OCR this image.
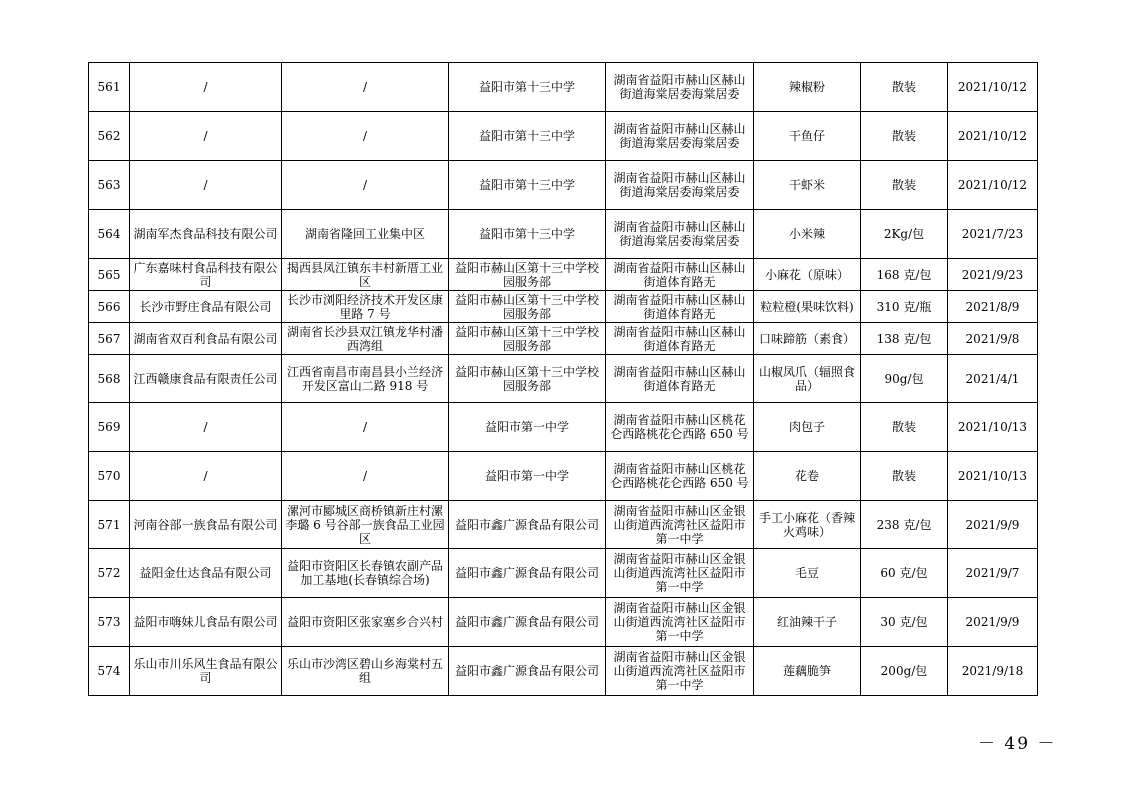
561	/	/	益阳市第十三中学	湖南省益阳市赫山区赫山街道海棠居委海棠居委	辣椒粉	散装	2021/10/12
562	/	/	益阳市第十三中学	湖南省益阳市赫山区赫山街道海棠居委海棠居委	干鱼仔	散装	2021/10/12
563	/	/	益阳市第十三中学	湖南省益阳市赫山区赫山街道海棠居委海棠居委	干虾米	散装	2021/10/12
564	湖南军杰食品科技有限公司	湖南省隆回工业集中区	益阳市第十三中学	湖南省益阳市赫山区赫山街道海棠居委海棠居委	小米辣	2Kg/包	2021/7/23
565	广东嘉味村食品科技有限公司	揭西县凤江镇东丰村新厝工业区	益阳市赫山区第十三中学校园服务部	湖南省益阳市赫山区赫山街道体育路无	小麻花（原味）	168 克/包	2021/9/23
566	长沙市野庄食品有限公司	长沙市浏阳经济技术开发区康里路 7 号	益阳市赫山区第十三中学校园服务部	湖南省益阳市赫山区赫山街道体育路无	粒粒橙(果味饮料)	310 克/瓶	2021/8/9
567	湖南省双百利食品有限公司	湖南省长沙县双江镇龙华村潘西湾组	益阳市赫山区第十三中学校园服务部	湖南省益阳市赫山区赫山街道体育路无	口味蹄筋（素食）	138 克/包	2021/9/8
568	江西赣康食品有限责任公司	江西省南昌市南昌县小兰经济开发区富山二路 918 号	益阳市赫山区第十三中学校园服务部	湖南省益阳市赫山区赫山街道体育路无	山椒凤爪（辐照食品）	90g/包	2021/4/1
569	/	/	益阳市第一中学	湖南省益阳市赫山区桃花仑西路桃花仑西路 650 号	肉包子	散装	2021/10/13
570	/	/	益阳市第一中学	湖南省益阳市赫山区桃花仑西路桃花仑西路 650 号	花卷	散装	2021/10/13
571	河南谷部一族食品有限公司	漯河市郾城区商桥镇新庄村漯李璐 6 号谷部一族食品工业园区	益阳市鑫广源食品有限公司	湖南省益阳市赫山区金银山街道西流湾社区益阳市第一中学	手工小麻花（香辣火鸡味）	238 克/包	2021/9/9
572	益阳金仕达食品有限公司	益阳市资阳区长春镇农副产品加工基地(长春镇综合场)	益阳市鑫广源食品有限公司	湖南省益阳市赫山区金银山街道西流湾社区益阳市第一中学	毛豆	60 克/包	2021/9/7
573	益阳市嗨妹儿食品有限公司	益阳市资阳区张家塞乡合兴村	益阳市鑫广源食品有限公司	湖南省益阳市赫山区金银山街道西流湾社区益阳市第一中学	红油辣干子	30 克/包	2021/9/9
574	乐山市川乐风生食品有限公司	乐山市沙湾区碧山乡海棠村五组	益阳市鑫广源食品有限公司	湖南省益阳市赫山区金银山街道西流湾社区益阳市第一中学	莲藕脆笋	200g/包	2021/9/18
－ 49 －
